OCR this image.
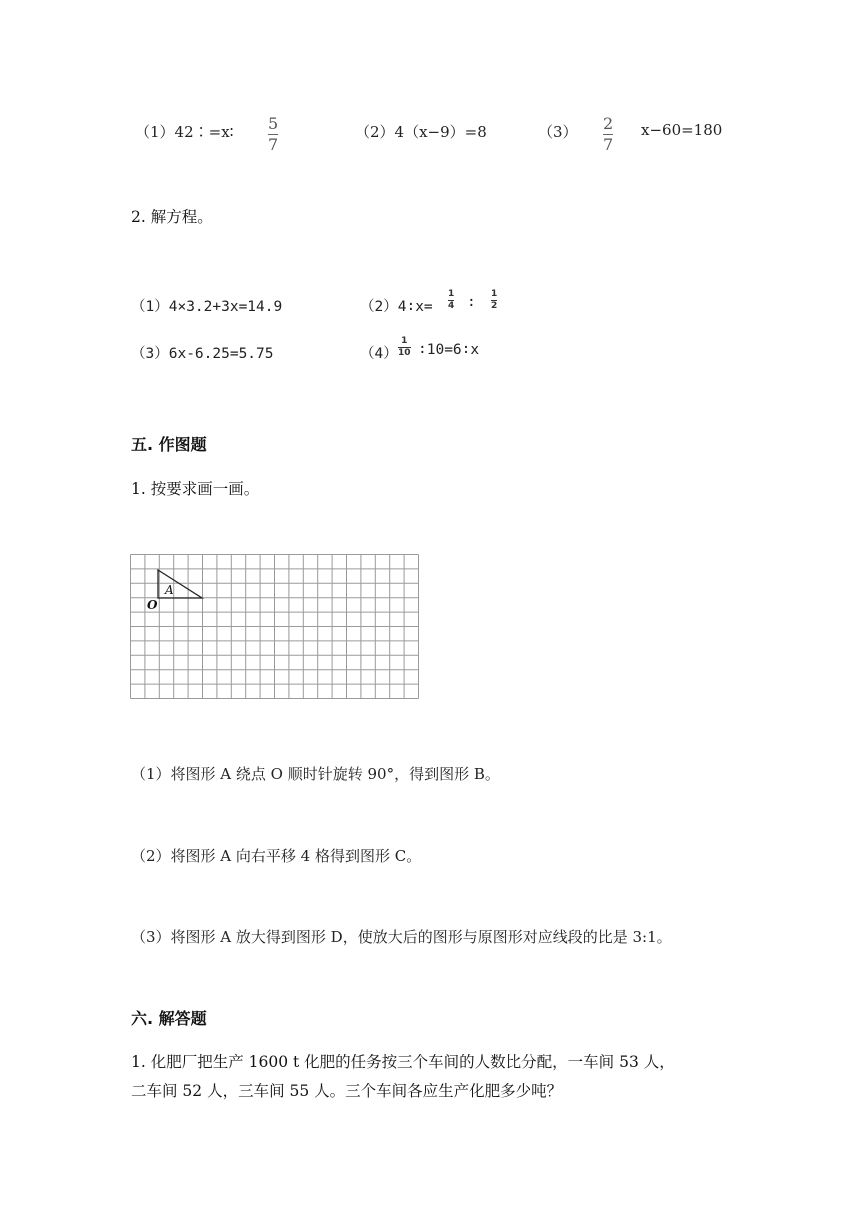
（1）42∶=x∶ 5
7
（2）4（x−9）=8	（3） 2
7
x−60=180
2. 解方程。
（1）4×3.2+3x=14.9	（2）4∶x=
1
4 ∶
1
2
（3）6x-6.25=5.75	（4）
1
10 ∶10=6∶x
五. 作图题
1. 按要求画一画。
A
O
（1）将图形 A 绕点 O 顺时针旋转 90°，得到图形 B。
（2）将图形 A 向右平移 4 格得到图形 C。
（3）将图形 A 放大得到图形 D，使放大后的图形与原图形对应线段的比是 3:1。
六. 解答题
1. 化肥厂把生产 1600 t 化肥的任务按三个车间的人数比分配，一车间 53 人，
二车间 52 人，三车间 55 人。三个车间各应生产化肥多少吨？
